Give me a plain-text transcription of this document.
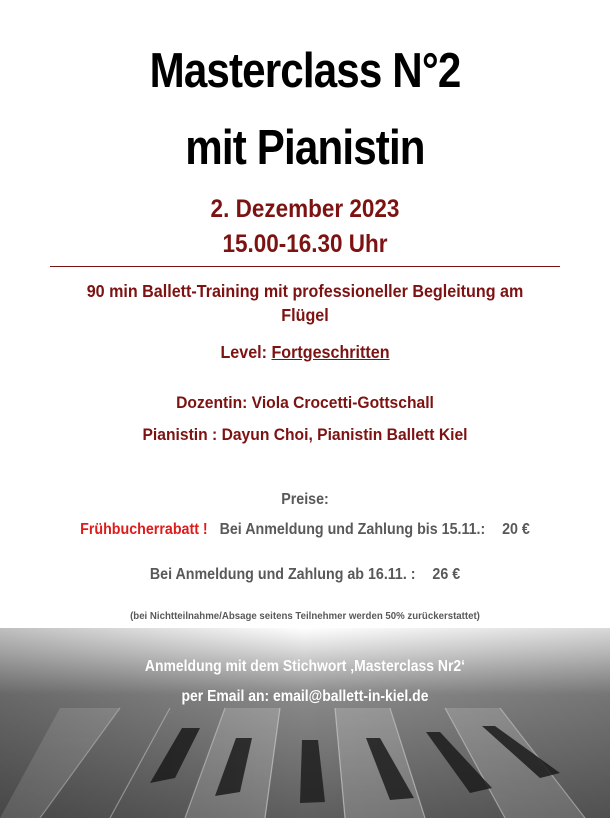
Masterclass N°2
mit Pianistin
2. Dezember 2023
15.00-16.30 Uhr
90 min Ballett-Training mit professioneller Begleitung am Flügel
Level: Fortgeschritten
Dozentin: Viola Crocetti-Gottschall
Pianistin : Dayun Choi, Pianistin Ballett Kiel
Preise:
Frühbucherrabatt ! Bei Anmeldung und Zahlung bis 15.11.: 20 €
Bei Anmeldung und Zahlung ab 16.11. : 26 €
(bei Nichtteilnahme/Absage seitens Teilnehmer werden 50% zurückerstattet)
Anmeldung mit dem Stichwort ‚Masterclass Nr2‘
per Email an: email@ballett-in-kiel.de
